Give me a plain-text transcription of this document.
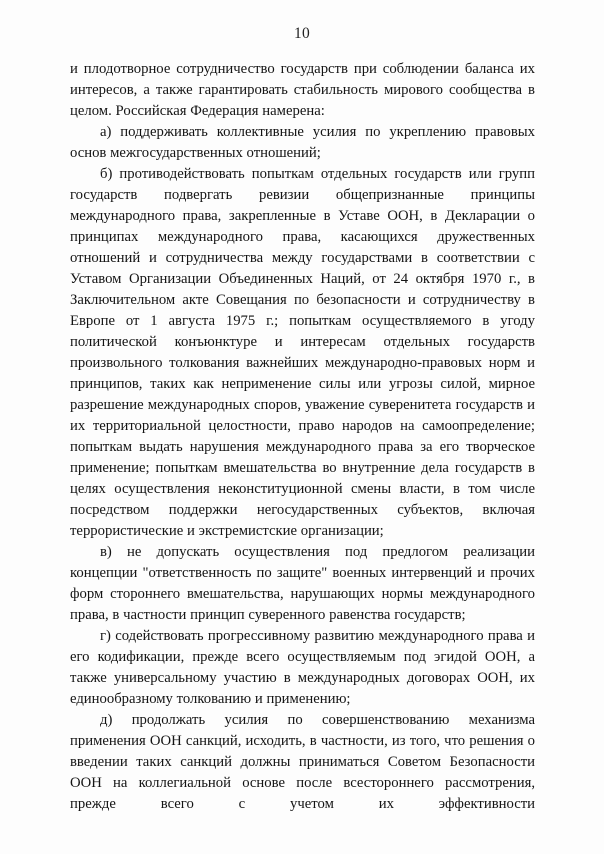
10

и плодотворное сотрудничество государств при соблюдении баланса их интересов, а также гарантировать стабильность мирового сообщества в целом. Российская Федерация намерена:

а) поддерживать коллективные усилия по укреплению правовых основ межгосударственных отношений;

б) противодействовать попыткам отдельных государств или групп государств подвергать ревизии общепризнанные принципы международного права, закрепленные в Уставе ООН, в Декларации о принципах международного права, касающихся дружественных отношений и сотрудничества между государствами в соответствии с Уставом Организации Объединенных Наций, от 24 октября 1970 г., в Заключительном акте Совещания по безопасности и сотрудничеству в Европе от 1 августа 1975 г.; попыткам осуществляемого в угоду политической конъюнктуре и интересам отдельных государств произвольного толкования важнейших международно-правовых норм и принципов, таких как неприменение силы или угрозы силой, мирное разрешение международных споров, уважение суверенитета государств и их территориальной целостности, право народов на самоопределение; попыткам выдать нарушения международного права за его творческое применение; попыткам вмешательства во внутренние дела государств в целях осуществления неконституционной смены власти, в том числе посредством поддержки негосударственных субъектов, включая террористические и экстремистские организации;

в) не допускать осуществления под предлогом реализации концепции "ответственность по защите" военных интервенций и прочих форм стороннего вмешательства, нарушающих нормы международного права, в частности принцип суверенного равенства государств;

г) содействовать прогрессивному развитию международного права и его кодификации, прежде всего осуществляемым под эгидой ООН, а также универсальному участию в международных договорах ООН, их единообразному толкованию и применению;

д) продолжать усилия по совершенствованию механизма применения ООН санкций, исходить, в частности, из того, что решения о введении таких санкций должны приниматься Советом Безопасности ООН на коллегиальной основе после всестороннего рассмотрения, прежде всего с учетом их эффективности
